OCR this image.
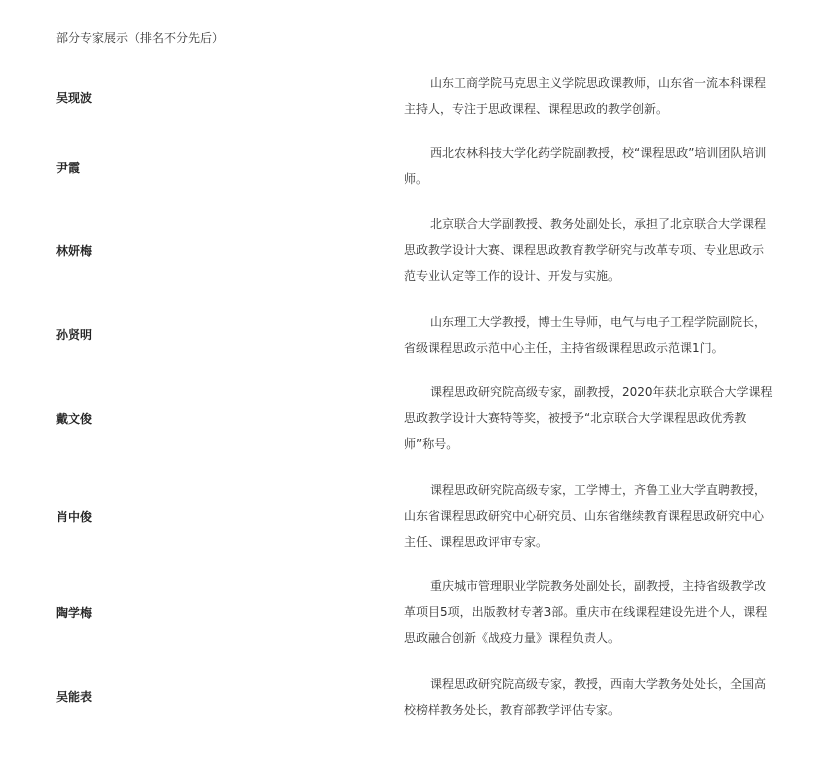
部分专家展示（排名不分先后）
吴现波

山东工商学院马克思主义学院思政课教师，山东省一流本科课程主持人，专注于思政课程、课程思政的教学创新。

尹霞

西北农林科技大学化药学院副教授，校“课程思政”培训团队培训师。

林妍梅

北京联合大学副教授、教务处副处长，承担了北京联合大学课程思政教学设计大赛、课程思政教育教学研究与改革专项、专业思政示范专业认定等工作的设计、开发与实施。

孙贤明

山东理工大学教授，博士生导师，电气与电子工程学院副院长，省级课程思政示范中心主任，主持省级课程思政示范课1门。

戴文俊

课程思政研究院高级专家，副教授，2020年获北京联合大学课程思政教学设计大赛特等奖，被授予“北京联合大学课程思政优秀教师”称号。

肖中俊

课程思政研究院高级专家，工学博士，齐鲁工业大学直聘教授，山东省课程思政研究中心研究员、山东省继续教育课程思政研究中心主任、课程思政评审专家。

陶学梅

重庆城市管理职业学院教务处副处长，副教授，主持省级教学改革项目5项，出版教材专著3部。重庆市在线课程建设先进个人，课程思政融合创新《战疫力量》课程负责人。

吴能表

课程思政研究院高级专家，教授，西南大学教务处处长，全国高校榜样教务处长，教育部教学评估专家。
